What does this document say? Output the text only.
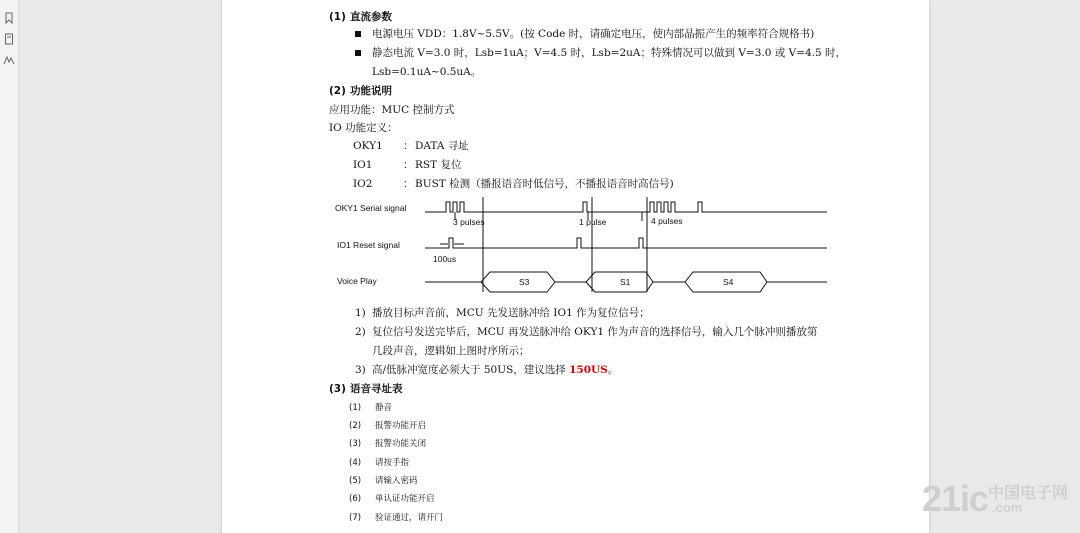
(1) 直流参数
电源电压 VDD：1.8V~5.5V。(按 Code 时，请确定电压，使内部晶振产生的频率符合规格书)
静态电流 V=3.0 时，Lsb=1uA；V=4.5 时，Lsb=2uA；特殊情况可以做到 V=3.0 或 V=4.5 时，
Lsb=0.1uA~0.5uA。
(2) 功能说明
应用功能：MUC 控制方式
IO 功能定义：
OKY1 ： DATA 寻址
IO1	： RST 复位
IO2	： BUST 检测（播报语音时低信号，不播报语音时高信号)
OKY1 Serial signal
IO1 Reset signal
Voice Play
3 pulses	1 pulse	4 pulses
100us
S3	S1	S4
1) 播放目标声音前，MCU 先发送脉冲给 IO1 作为复位信号；
2) 复位信号发送完毕后，MCU 再发送脉冲给 OKY1 作为声音的选择信号，输入几个脉冲则播放第
几段声音，逻辑如上图时序所示；
3) 高/低脉冲宽度必须大于 50US，建议选择 150US。
(3) 语音寻址表
(1) 静音
(2) 报警功能开启
(3) 报警功能关闭
(4) 请按手指
(5) 请输入密码
(6) 单认证功能开启
(7) 验证通过，请开门	21ic 中国电子网
.com
